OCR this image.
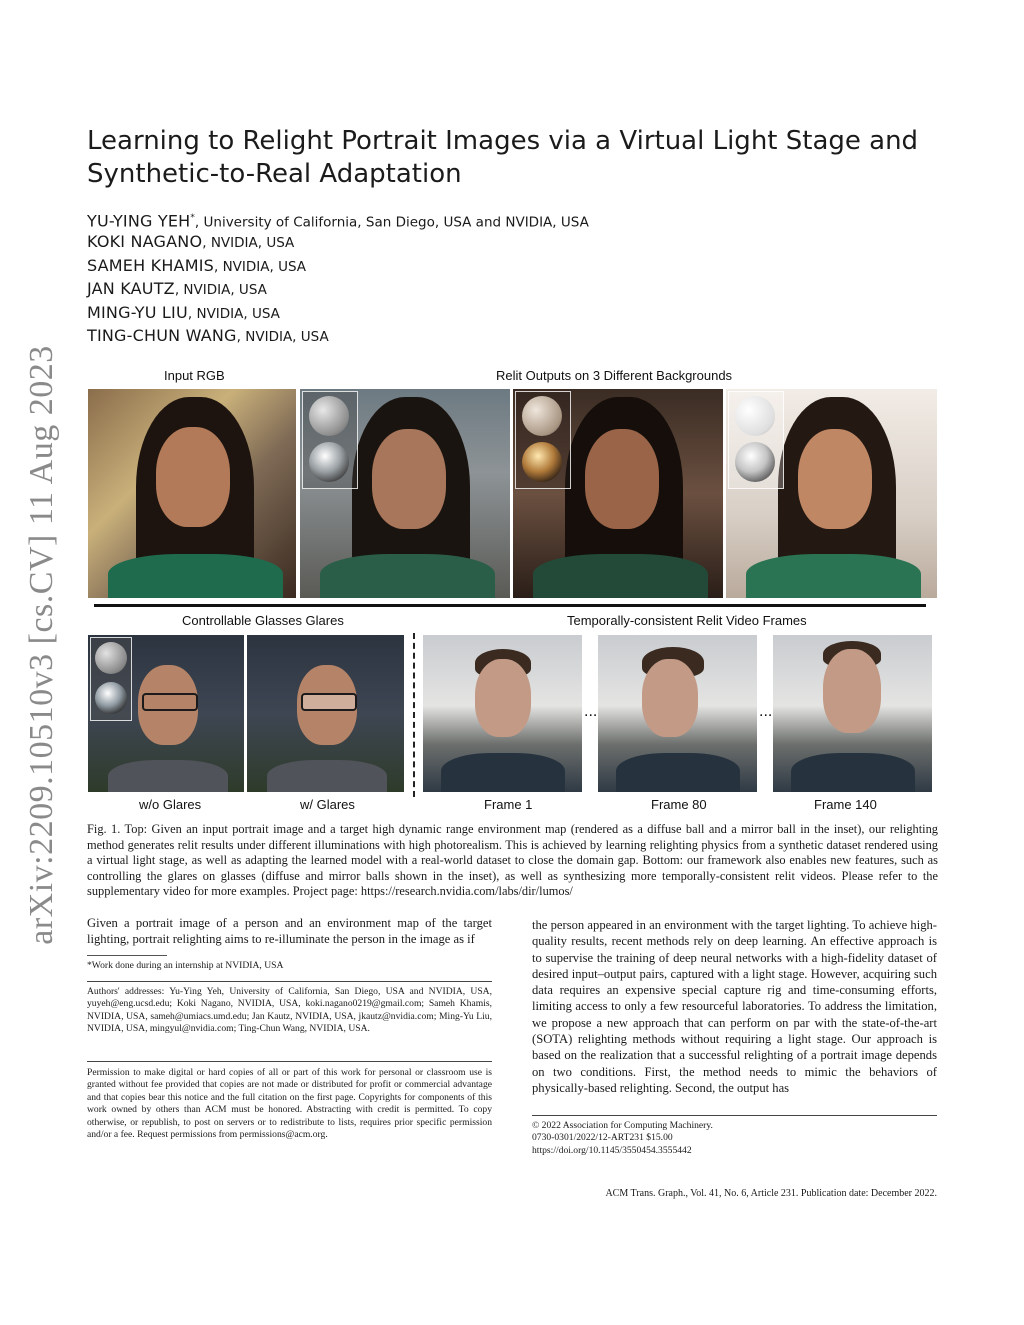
arXiv:2209.10510v3 [cs.CV] 11 Aug 2023
Learning to Relight Portrait Images via a Virtual Light Stage and Synthetic-to-Real Adaptation
YU-YING YEH*, University of California, San Diego, USA and NVIDIA, USA
KOKI NAGANO, NVIDIA, USA
SAMEH KHAMIS, NVIDIA, USA
JAN KAUTZ, NVIDIA, USA
MING-YU LIU, NVIDIA, USA
TING-CHUN WANG, NVIDIA, USA
Input RGB	Relit Outputs on 3 Different Backgrounds
Controllable Glasses Glares	Temporally-consistent Relit Video Frames
...	...
w/o Glares	w/ Glares	Frame 1	Frame 80	Frame 140
Fig. 1. Top: Given an input portrait image and a target high dynamic range environment map (rendered as a diffuse ball and a mirror ball in the inset), our relighting method generates relit results under different illuminations with high photorealism. This is achieved by learning relighting physics from a synthetic dataset rendered using a virtual light stage, as well as adapting the learned model with a real-world dataset to close the domain gap. Bottom: our framework also enables new features, such as controlling the glares on glasses (diffuse and mirror balls shown in the inset), as well as synthesizing more temporally-consistent relit videos. Please refer to the supplementary video for more examples. Project page: https://research.nvidia.com/labs/dir/lumos/
Given a portrait image of a person and an environment map of the target lighting, portrait relighting aims to re-illuminate the person in the image as if
*Work done during an internship at NVIDIA, USA
Authors' addresses: Yu-Ying Yeh, University of California, San Diego, USA and NVIDIA, USA, yuyeh@eng.ucsd.edu; Koki Nagano, NVIDIA, USA, koki.nagano0219@gmail.com; Sameh Khamis, NVIDIA, USA, sameh@umiacs.umd.edu; Jan Kautz, NVIDIA, USA, jkautz@nvidia.com; Ming-Yu Liu, NVIDIA, USA, mingyul@nvidia.com; Ting-Chun Wang, NVIDIA, USA.
Permission to make digital or hard copies of all or part of this work for personal or classroom use is granted without fee provided that copies are not made or distributed for profit or commercial advantage and that copies bear this notice and the full citation on the first page. Copyrights for components of this work owned by others than ACM must be honored. Abstracting with credit is permitted. To copy otherwise, or republish, to post on servers or to redistribute to lists, requires prior specific permission and/or a fee. Request permissions from permissions@acm.org.
the person appeared in an environment with the target lighting. To achieve high-quality results, recent methods rely on deep learning. An effective approach is to supervise the training of deep neural networks with a high-fidelity dataset of desired input–output pairs, captured with a light stage. However, acquiring such data requires an expensive special capture rig and time-consuming efforts, limiting access to only a few resourceful laboratories. To address the limitation, we propose a new approach that can perform on par with the state-of-the-art (SOTA) relighting methods without requiring a light stage. Our approach is based on the realization that a successful relighting of a portrait image depends on two conditions. First, the method needs to mimic the behaviors of physically-based relighting. Second, the output has
© 2022 Association for Computing Machinery.
0730-0301/2022/12-ART231 $15.00
https://doi.org/10.1145/3550454.3555442
ACM Trans. Graph., Vol. 41, No. 6, Article 231. Publication date: December 2022.
